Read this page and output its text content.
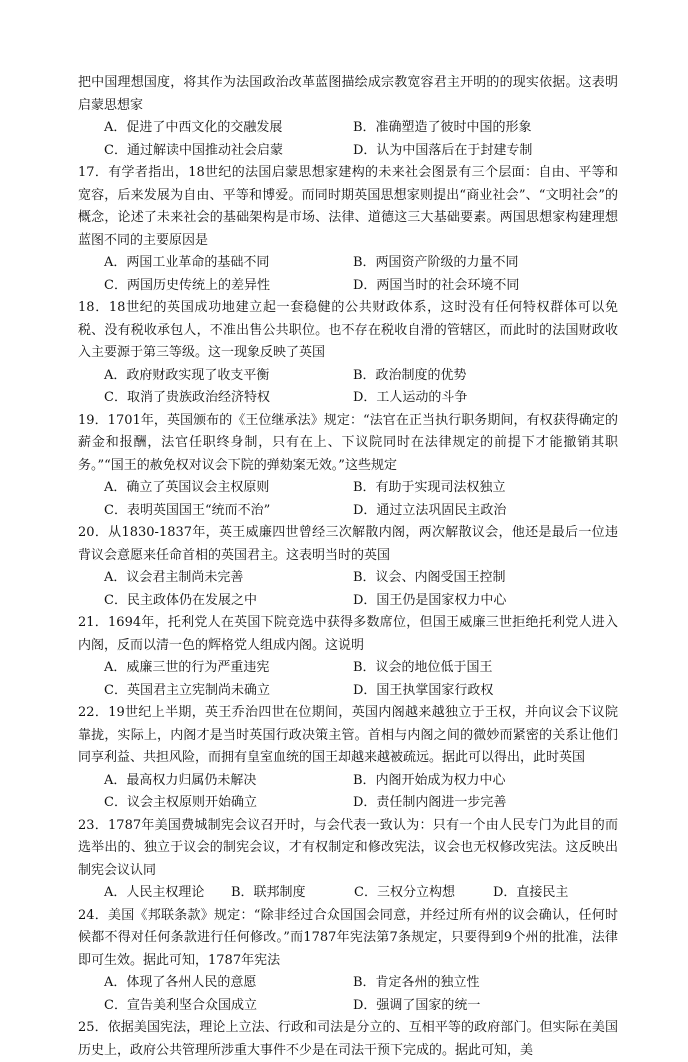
把中国理想国度，将其作为法国政治改革蓝图描绘成宗教宽容君主开明的的现实依据。这表明启蒙思想家

A．促进了中西文化的交融发展	B．准确塑造了彼时中国的形象
C．通过解读中国推动社会启蒙	D．认为中国落后在于封建专制

17．有学者指出，18世纪的法国启蒙思想家建构的未来社会图景有三个层面：自由、平等和宽容，后来发展为自由、平等和博爱。而同时期英国思想家则提出“商业社会”、“文明社会”的概念，论述了未来社会的基础架构是市场、法律、道德这三大基础要素。两国思想家构建理想蓝图不同的主要原因是

A．两国工业革命的基础不同	B．两国资产阶级的力量不同
C．两国历史传统上的差异性	D．两国当时的社会环境不同

18．18世纪的英国成功地建立起一套稳健的公共财政体系，这时没有任何特权群体可以免税、没有税收承包人，不准出售公共职位。也不存在税收自滑的管辖区，而此时的法国财政收入主要源于第三等级。这一现象反映了英国

A．政府财政实现了收支平衡	B．政治制度的优势
C．取消了贵族政治经济特权	D．工人运动的斗争

19．1701年，英国颁布的《王位继承法》规定：“法官在正当执行职务期间，有权获得确定的薪金和报酬，法官任职终身制，只有在上、下议院同时在法律规定的前提下才能撤销其职务。”“国王的赦免权对议会下院的弹劾案无效。”这些规定

A．确立了英国议会主权原则	B．有助于实现司法权独立
C．表明英国国王“统而不治”	D．通过立法巩固民主政治

20．从1830-1837年，英王威廉四世曾经三次解散内阁，两次解散议会，他还是最后一位违背议会意愿来任命首相的英国君主。这表明当时的英国

A．议会君主制尚未完善	B．议会、内阁受国王控制
C．民主政体仍在发展之中	D．国王仍是国家权力中心

21．1694年，托利党人在英国下院竞选中获得多数席位，但国王威廉三世拒绝托利党人进入内阁，反而以清一色的辉格党人组成内阁。这说明

A．威廉三世的行为严重违宪	B．议会的地位低于国王
C．英国君主立宪制尚未确立	D．国王执掌国家行政权

22．19世纪上半期，英王乔治四世在位期间，英国内阁越来越独立于王权，并向议会下议院靠拢，实际上，内阁才是当时英国行政决策主管。首相与内阁之间的微妙而紧密的关系让他们同享利益、共担风险，而拥有皇室血统的国王却越来越被疏远。据此可以得出，此时英国

A．最高权力归属仍未解决	B．内阁开始成为权力中心
C．议会主权原则开始确立	D．责任制内阁进一步完善

23．1787年美国费城制宪会议召开时，与会代表一致认为：只有一个由人民专门为此目的而选举出的、独立于议会的制宪会议，才有权制定和修改宪法，议会也无权修改宪法。这反映出制宪会议认同

A．人民主权理论	B．联邦制度	C．三权分立构想	D．直接民主

24．美国《邦联条款》规定：“除非经过合众国国会同意，并经过所有州的议会确认，任何时候都不得对任何条款进行任何修改。”而1787年宪法第7条规定，只要得到9个州的批准，法律即可生效。据此可知，1787年宪法

A．体现了各州人民的意愿	B．肯定各州的独立性
C．宣告美利坚合众国成立	D．强调了国家的统一

25．依据美国宪法，理论上立法、行政和司法是分立的、互相平等的政府部门。但实际在美国历史上，政府公共管理所涉重大事件不少是在司法干预下完成的。据此可知，美
